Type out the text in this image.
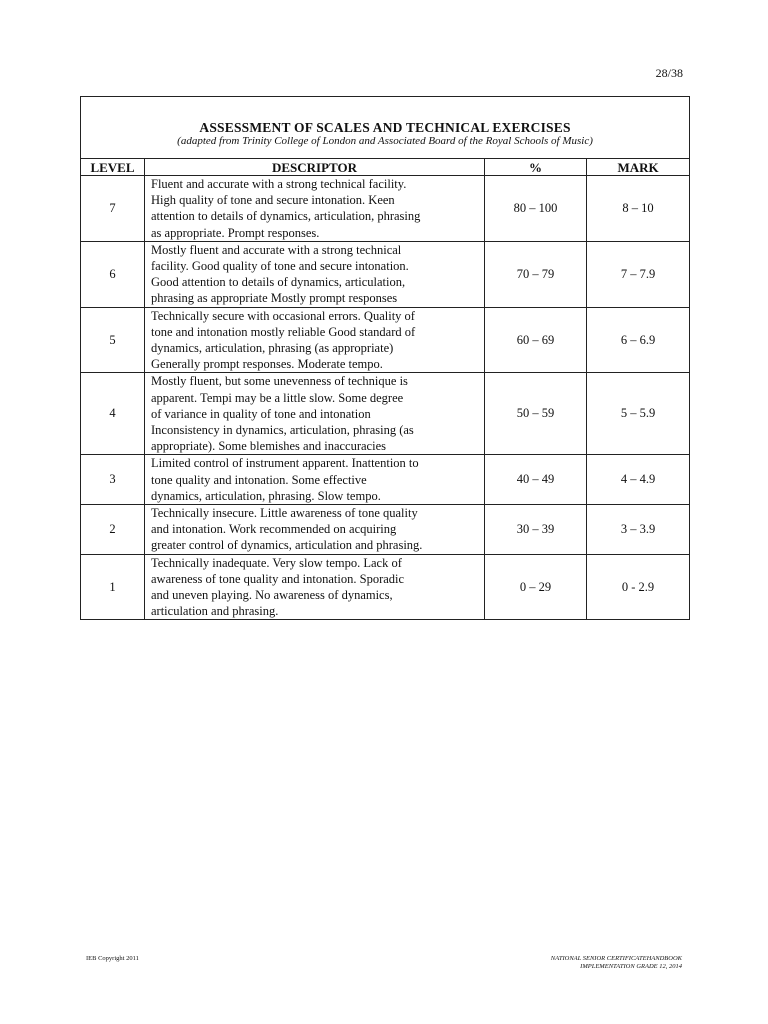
28/38
ASSESSMENT OF SCALES AND TECHNICAL EXERCISES
(adapted from Trinity College of London and Associated Board of the Royal Schools of Music)			

LEVEL	DESCRIPTOR	%	MARK
7	Fluent and accurate with a strong technical facility.
High quality of tone and secure intonation. Keen
attention to details of dynamics, articulation, phrasing
as appropriate. Prompt responses.	80 – 100	8 – 10
6	Mostly fluent and accurate with a strong technical
facility. Good quality of tone and secure intonation.
Good attention to details of dynamics, articulation,
phrasing as appropriate Mostly prompt responses	70 – 79	7 – 7.9
5	Technically secure with occasional errors. Quality of
tone and intonation mostly reliable Good standard of
dynamics, articulation, phrasing (as appropriate)
Generally prompt responses. Moderate tempo.	60 – 69	6 – 6.9
4	Mostly fluent, but some unevenness of technique is
apparent. Tempi may be a little slow. Some degree
of variance in quality of tone and intonation
Inconsistency in dynamics, articulation, phrasing (as
appropriate). Some blemishes and inaccuracies	50 – 59	5 – 5.9
3	Limited control of instrument apparent. Inattention to
tone quality and intonation. Some effective
dynamics, articulation, phrasing. Slow tempo.	40 – 49	4 – 4.9
2	Technically insecure. Little awareness of tone quality
and intonation. Work recommended on acquiring
greater control of dynamics, articulation and phrasing.	30 – 39	3 – 3.9
1	Technically inadequate. Very slow tempo. Lack of
awareness of tone quality and intonation. Sporadic
and uneven playing. No awareness of dynamics,
articulation and phrasing.	0 – 29	0 - 2.9
IEB Copyright 2011	NATIONAL SENIOR CERTIFICATEHANDBOOK
IMPLEMENTATION GRADE 12, 2014
